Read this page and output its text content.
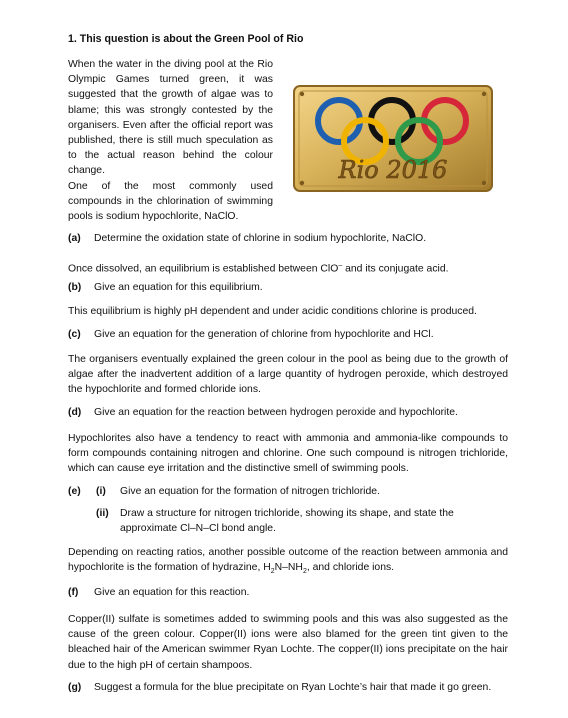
1. This question is about the Green Pool of Rio
When the water in the diving pool at the Rio Olympic Games turned green, it was suggested that the growth of algae was to blame; this was strongly contested by the organisers. Even after the official report was published, there is still much speculation as to the actual reason behind the colour change.
One of the most commonly used compounds in the chlorination of swimming pools is sodium hypochlorite, NaClO.
Rio 2016
(a) Determine the oxidation state of chlorine in sodium hypochlorite, NaClO.
Once dissolved, an equilibrium is established between ClO– and its conjugate acid.
(b) Give an equation for this equilibrium.
This equilibrium is highly pH dependent and under acidic conditions chlorine is produced.
(c) Give an equation for the generation of chlorine from hypochlorite and HCl.
The organisers eventually explained the green colour in the pool as being due to the growth of algae after the inadvertent addition of a large quantity of hydrogen peroxide, which destroyed the hypochlorite and formed chloride ions.
(d) Give an equation for the reaction between hydrogen peroxide and hypochlorite.
Hypochlorites also have a tendency to react with ammonia and ammonia-like compounds to form compounds containing nitrogen and chlorine. One such compound is nitrogen trichloride, which can cause eye irritation and the distinctive smell of swimming pools.
(e) (i) Give an equation for the formation of nitrogen trichloride.
(ii) Draw a structure for nitrogen trichloride, showing its shape, and state the approximate Cl–N–Cl bond angle.
Depending on reacting ratios, another possible outcome of the reaction between ammonia and hypochlorite is the formation of hydrazine, $H_2N-NH_2$, and chloride ions.
(f) Give an equation for this reaction.
Copper(II) sulfate is sometimes added to swimming pools and this was also suggested as the cause of the green colour. Copper(II) ions were also blamed for the green tint given to the bleached hair of the American swimmer Ryan Lochte. The copper(II) ions precipitate on the hair due to the high pH of certain shampoos.
(g) Suggest a formula for the blue precipitate on Ryan Lochte’s hair that made it go green.
